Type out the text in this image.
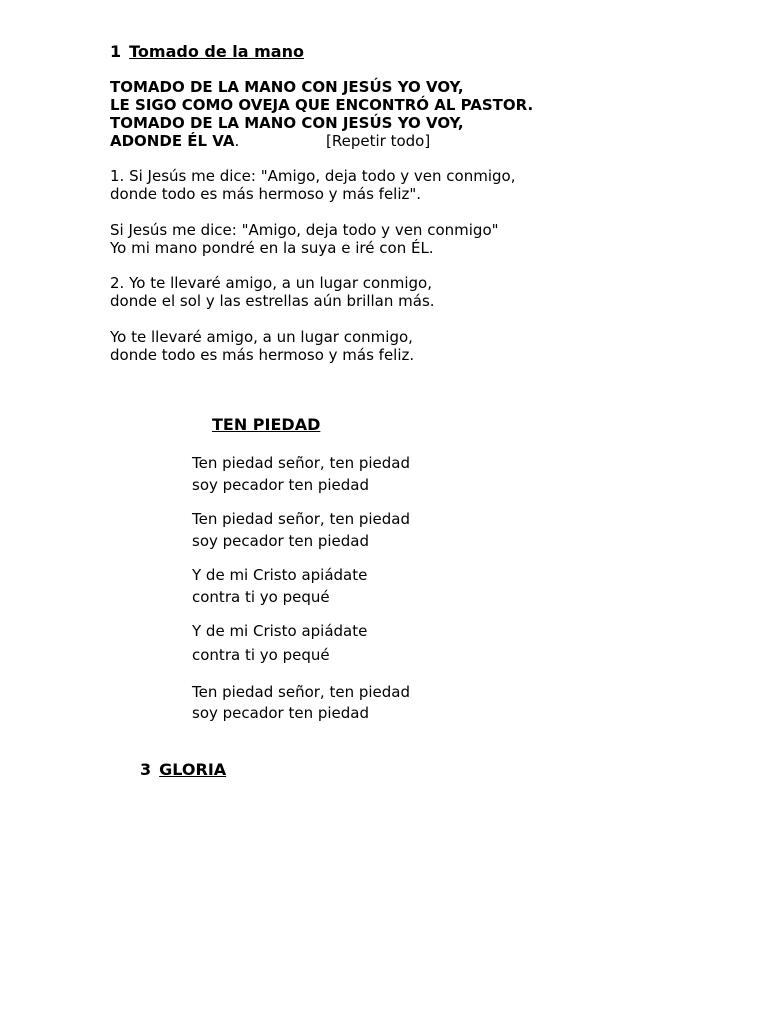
1 Tomado de la mano
TOMADO DE LA MANO CON JESÚS YO VOY,
LE SIGO COMO OVEJA QUE ENCONTRÓ AL PASTOR.
TOMADO DE LA MANO CON JESÚS YO VOY,
ADONDE ÉL VA.	[Repetir todo]
1. Si Jesús me dice: "Amigo, deja todo y ven conmigo,
donde todo es más hermoso y más feliz".
Si Jesús me dice: "Amigo, deja todo y ven conmigo"
Yo mi mano pondré en la suya e iré con ÉL.
2. Yo te llevaré amigo, a un lugar conmigo,
donde el sol y las estrellas aún brillan más.
Yo te llevaré amigo, a un lugar conmigo,
donde todo es más hermoso y más feliz.
TEN PIEDAD
Ten piedad señor, ten piedad
soy pecador ten piedad
Ten piedad señor, ten piedad
soy pecador ten piedad
Y de mi Cristo apiádate
contra ti yo pequé
Y de mi Cristo apiádate
contra ti yo pequé
Ten piedad señor, ten piedad
soy pecador ten piedad
3 GLORIA
